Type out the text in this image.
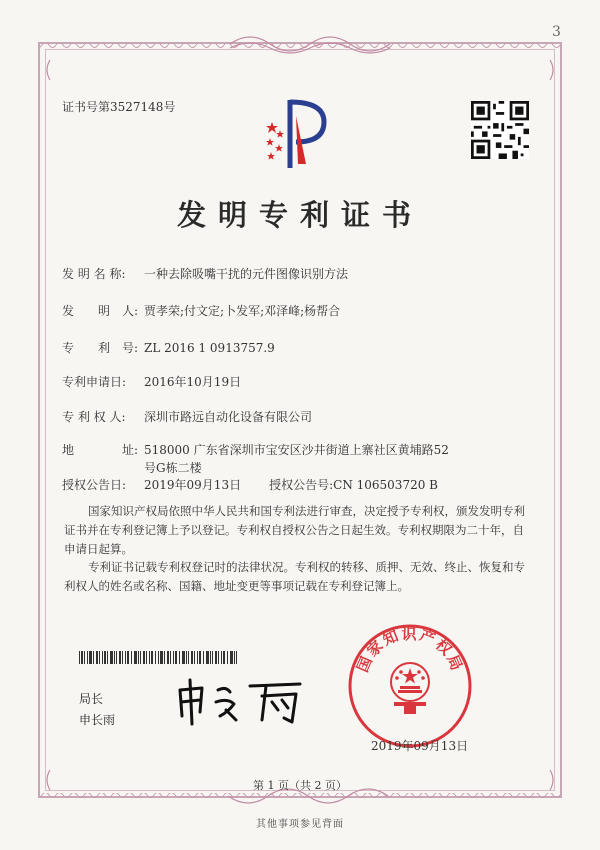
3
证书号第3527148号
发明专利证书
发 明 名 称: 一种去除吸嘴干扰的元件图像识别方法
发　　明　人: 贾孝荣;付文定;卜发军;邓泽峰;杨帮合
专　　利　号: ZL 2016 1 0913757.9
专利申请日: 2016年10月19日
专 利 权 人: 深圳市路远自动化设备有限公司
地　　　　址: 518000 广东省深圳市宝安区沙井街道上寨社区黄埔路52
号G栋二楼
授权公告日: 2019年09月13日 授权公告号:CN 106503720 B
国家知识产权局依照中华人民共和国专利法进行审查，决定授予专利权，颁发发明专利证书并在专利登记簿上予以登记。专利权自授权公告之日起生效。专利权期限为二十年，自申请日起算。
专利证书记载专利权登记时的法律状况。专利权的转移、质押、无效、终止、恢复和专利权人的姓名或名称、国籍、地址变更等事项记载在专利登记簿上。
局长
申长雨
国家知识产权局
2019年09月13日
第 1 页（共 2 页）
其他事项参见背面
